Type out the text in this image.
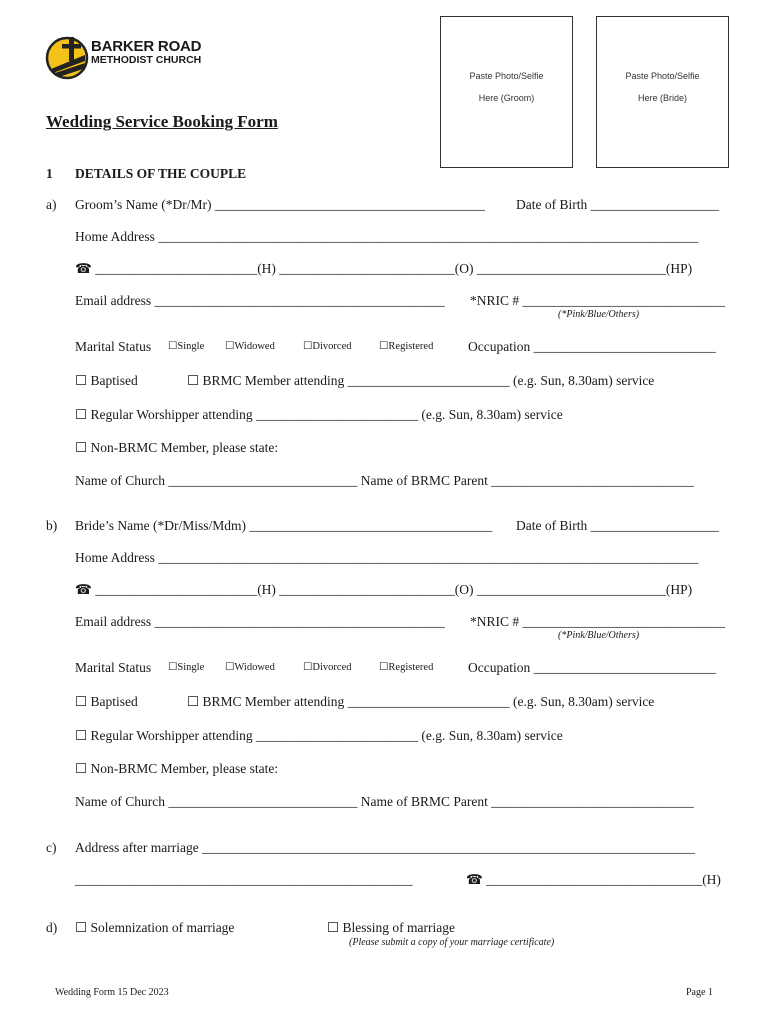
BARKER ROAD
METHODIST CHURCH
Paste Photo/Selfie
Here (Groom)
Paste Photo/Selfie
Here (Bride)
Wedding Service Booking Form
1 DETAILS OF THE COUPLE
a) Groom’s Name (*Dr/Mr) ________________________________________ Date of Birth ___________________
Home Address ________________________________________________________________________________
☎ ________________________(H) __________________________(O) ____________________________(HP)
Email address ___________________________________________ *NRIC # ______________________________
(*Pink/Blue/Others)
Marital Status ☐Single ☐Widowed	☐Divorced	☐Registered	Occupation ___________________________
☐ Baptised	☐ BRMC Member attending ________________________ (e.g. Sun, 8.30am) service
☐ Regular Worshipper attending ________________________ (e.g. Sun, 8.30am) service
☐ Non-BRMC Member, please state:
Name of Church ____________________________ Name of BRMC Parent ______________________________
b) Bride’s Name (*Dr/Miss/Mdm) ____________________________________ Date of Birth ___________________
Home Address ________________________________________________________________________________
☎ ________________________(H) __________________________(O) ____________________________(HP)
Email address ___________________________________________ *NRIC # ______________________________
(*Pink/Blue/Others)
Marital Status ☐Single ☐Widowed	☐Divorced	☐Registered	Occupation ___________________________
☐ Baptised	☐ BRMC Member attending ________________________ (e.g. Sun, 8.30am) service
☐ Regular Worshipper attending ________________________ (e.g. Sun, 8.30am) service
☐ Non-BRMC Member, please state:
Name of Church ____________________________ Name of BRMC Parent ______________________________
c) Address after marriage _________________________________________________________________________
__________________________________________________	☎ ________________________________(H)
d) ☐ Solemnization of marriage	☐ Blessing of marriage
(Please submit a copy of your marriage certificate)
Wedding Form 15 Dec 2023	Page 1
